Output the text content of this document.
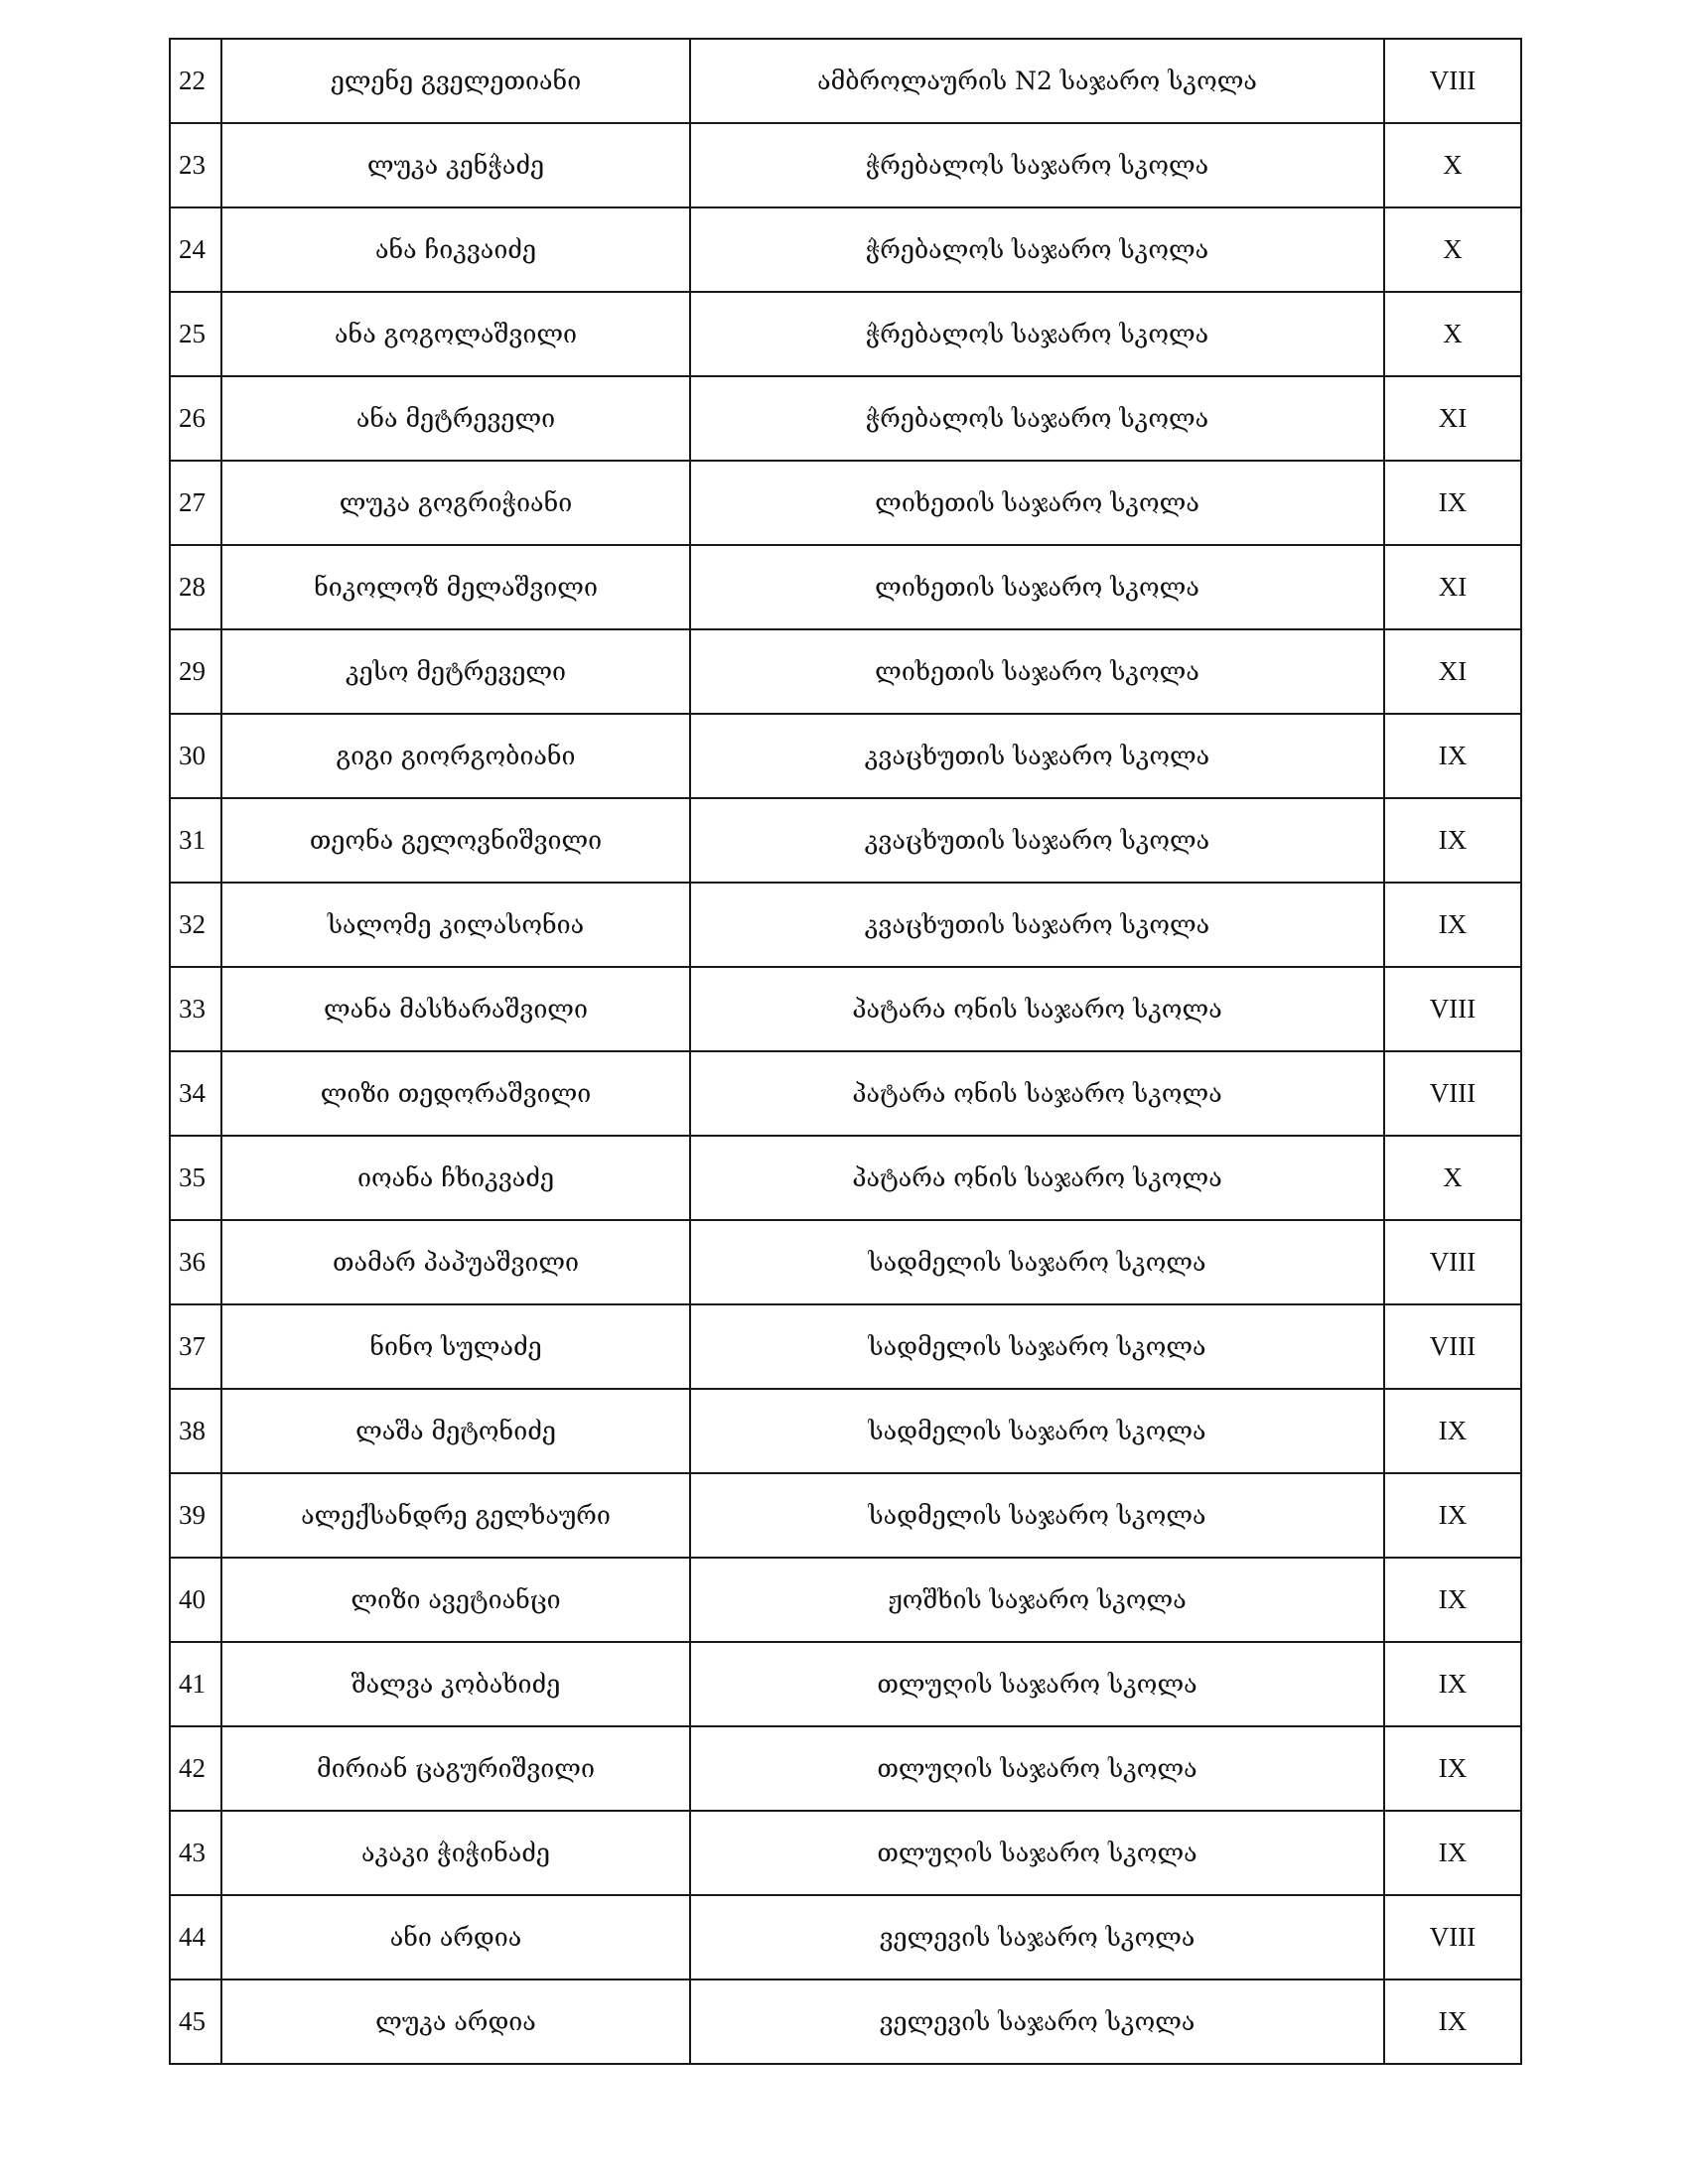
22	ელენე გველეთიანი	ამბროლაურის N2 საჯარო სკოლა	VIII
23	ლუკა კენჭაძე	ჭრებალოს საჯარო სკოლა	X
24	ანა ჩიკვაიძე	ჭრებალოს საჯარო სკოლა	X
25	ანა გოგოლაშვილი	ჭრებალოს საჯარო სკოლა	X
26	ანა მეტრეველი	ჭრებალოს საჯარო სკოლა	XI
27	ლუკა გოგრიჭიანი	ლიხეთის საჯარო სკოლა	IX
28	ნიკოლოზ მელაშვილი	ლიხეთის საჯარო სკოლა	XI
29	კესო მეტრეველი	ლიხეთის საჯარო სკოლა	XI
30	გიგი გიორგობიანი	კვაცხუთის საჯარო სკოლა	IX
31	თეონა გელოვნიშვილი	კვაცხუთის საჯარო სკოლა	IX
32	სალომე კილასონია	კვაცხუთის საჯარო სკოლა	IX
33	ლანა მასხარაშვილი	პატარა ონის საჯარო სკოლა	VIII
34	ლიზი თედორაშვილი	პატარა ონის საჯარო სკოლა	VIII
35	იოანა ჩხიკვაძე	პატარა ონის საჯარო სკოლა	X
36	თამარ პაპუაშვილი	სადმელის საჯარო სკოლა	VIII
37	ნინო სულაძე	სადმელის საჯარო სკოლა	VIII
38	ლაშა მეტონიძე	სადმელის საჯარო სკოლა	IX
39	ალექსანდრე გელხაური	სადმელის საჯარო სკოლა	IX
40	ლიზი ავეტიანცი	ჟოშხის საჯარო სკოლა	IX
41	შალვა კობახიძე	თლუღის საჯარო სკოლა	IX
42	მირიან ცაგურიშვილი	თლუღის საჯარო სკოლა	IX
43	აკაკი ჭიჭინაძე	თლუღის საჯარო სკოლა	IX
44	ანი არდია	ველევის საჯარო სკოლა	VIII
45	ლუკა არდია	ველევის საჯარო სკოლა	IX
